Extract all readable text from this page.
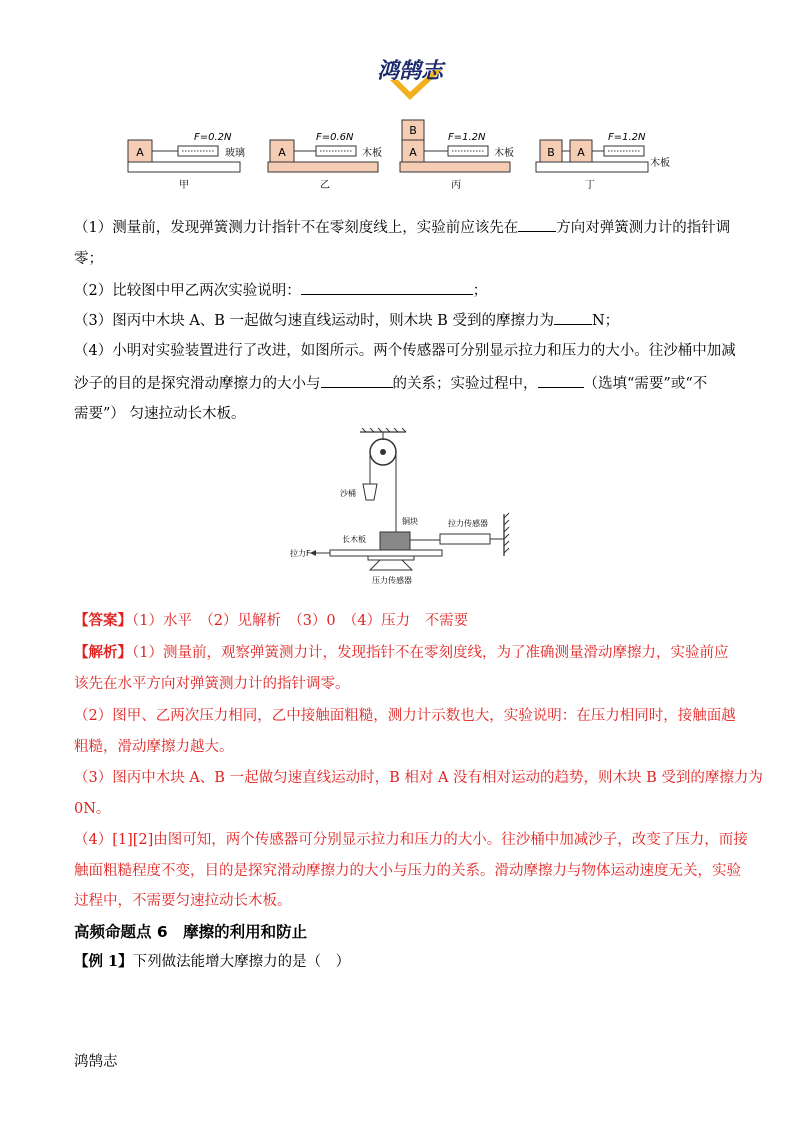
鸿鹄志
A
F=0.2N
玻璃
甲
A
F=0.6N
木板
乙
B
A
F=1.2N
木板
丙
B A
F=1.2N
木板
丁
（1）测量前，发现弹簧测力计指针不在零刻度线上，实验前应该先在	方向对弹簧测力计的指针调
零；
（2）比较图中甲乙两次实验说明：	；
（3）图丙中木块 A、B 一起做匀速直线运动时，则木块 B 受到的摩擦力为	N；
（4）小明对实验装置进行了改进，如图所示。两个传感器可分别显示拉力和压力的大小。往沙桶中加减
沙子的目的是探究滑动摩擦力的大小与	的关系；实验过程中，	（选填“需要”或“不
需要”） 匀速拉动长木板。
沙桶
铜块	拉力传感器
长木板
拉力F
压力传感器
【答案】（1）水平　（2）见解析　（3）0　（4）压力　不需要
【解析】（1）测量前，观察弹簧测力计，发现指针不在零刻度线，为了准确测量滑动摩擦力，实验前应
该先在水平方向对弹簧测力计的指针调零。
（2）图甲、乙两次压力相同，乙中接触面粗糙，测力计示数也大，实验说明：在压力相同时，接触面越
粗糙，滑动摩擦力越大。
（3）图丙中木块 A、B 一起做匀速直线运动时，B 相对 A 没有相对运动的趋势，则木块 B 受到的摩擦力为
0N。
（4）[1][2]由图可知，两个传感器可分别显示拉力和压力的大小。往沙桶中加减沙子，改变了压力，而接
触面粗糙程度不变，目的是探究滑动摩擦力的大小与压力的关系。滑动摩擦力与物体运动速度无关，实验
过程中，不需要匀速拉动长木板。
高频命题点 6　摩擦的利用和防止
【例 1】下列做法能增大摩擦力的是（　）
鸿鹄志
